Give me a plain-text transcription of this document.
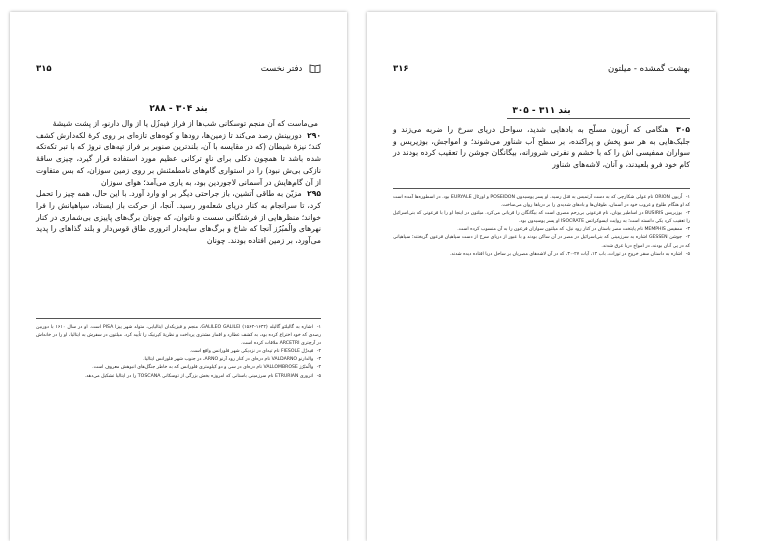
دفتر نخست
۳۱۵
بند ۳۰۴ - ۲۸۸

می‌ماست که آن منجم توسکانی شب‌ها از فراز فیه‌زُل یا از وال دارنو، از پشت شیشهٔ

۲۹۰ دوربینش رصد می‌کند تا زمین‌ها، رودها و کوه‌های تازه‌ای بر روی کرهٔ لکه‌دارش کشف کند؛ نیزهٔ شیطان (که در مقایسه با آن، بلندترین صنوبر بر فراز تپه‌های نروژ که با تبر تکه‌تکه شده باشد تا همچون دکلی برای ناوِ ترکانی عظیم مورد استفاده قرار گیرد، چیزی ساقهٔ نازکی بی‌ش نبود) را در استواری گام‌های نامطمئنش بر روی زمین سوزان، که بس متفاوت از آن گام‌هایش در آسمانی لاجوردین بود، به یاری می‌آمد؛ هوای سوزان

۲۹۵ مزیّن به طاقی آتشین، باز جراحتی دیگر بر او وارد آورد. با این حال، همه چیز را تحمل کرد، تا سرانجام به کنار دریای شعله‌ور رسید. آنجا، از حرکت باز ایستاد، سپاهیانش را فرا خواند؛ منظرهایی از فرشتگانی سست و ناتوان، که چونان برگ‌های پاییزی بی‌شماری در کنار نهرهای والُمبُرُز آنجا که شاخ و برگ‌های سایه‌دار اتروری طاق قوس‌دار و بلند گذاهای را پدید می‌آورد، بر زمین افتاده بودند. چونان

۱- اشاره به گالیلئو گالیله GALILEO GALILEI (۱۵۶۴-۱۶۴۲)، منجم و فیزیکدان ایتالیایی، متولد شهر پیزا PISA است. او در سال ۱۶۱۰ با دوربین رصدی که خود اختراع کرده بود، به کشف عطارد و اقمار مشتری پرداخت و نظریهٔ کپرنیک را تأیید کرد. میلتون در سفرش به ایتالیا، او را در خانه‌اش در آرچتری ARCETRI ملاقات کرده است.

۲- فیه‌زُل FIESOLE نام تپه‌ای در نزدیکی شهر فلورانس واقع است.

۳- والدارنو VALDARNO نام دره‌ای در کنار رود آرنو ARNO، در جنوب شهر فلورانس ایتالیا.

۴- والُمبُرُز VALLOMBROSE نام دره‌ای در سی و دو کیلومتری فلورانس که به خاطر جنگل‌های انبوهش معروف است.

۵- اتروری ETRURIAN نام سرزمینی باستانی که امروزه بخش بزرگی از توسکانی TOSCANA را در ایتالیا تشکیل می‌دهد.

بهشت گمشده - میلتون
۳۱۶
بند ۳۱۱ - ۳۰۵

۳۰۵ هنگامی که اُریون مسلّح به بادهایی شدید، سواحل دریای سرخ را ضربه می‌زند و جلبک‌هایی به هر سو پخش و پراکنده، بر سطح آب شناور می‌شوند؛ و امواجش، بوزیریس و سواران ممفیسی اش را که با خشم و نفرتی شرورانه، بیگانگان جوشن را تعقیب کرده بودند در کام خود فرو بلعیدند، و آنان، لاشه‌های شناور

۱- اُریون ORION نام غولی شکارچی که به دست آرتمیس به قتل رسید. او پسر پوسیدون POSEIDON و اورئال EURYALE بود. در اسطوره‌ها آمده است که او هنگام طلوع و غروب خود در آسمان، طوفان‌ها و بادهای شدیدی را بر دریاها روان می‌ساخت.

۲- بوزیریس BUSIRIS در اساطیر یونان، نام فرعونی بی‌رحم مصری است که بیگانگان را قربانی می‌کرد. میلتون در اینجا او را با فرعونی که بنی‌اسرائیل را تعقیب کرد یکی دانسته است؛ به روایت ایسوکراتس ISOCRATE او پسر پوسیدون بود.

۳- ممفیس MEMPHIS نام پایتخت مصر باستان در کنار رود نیل، که میلتون سواران فرعون را به آن منسوب کرده است.

۴- جوشن GESSEN اشاره به سرزمینی که بنی‌اسرائیل در مصر در آن ساکن بودند و با عبور از دریای سرخ از دست سپاهیان فرعون گریختند؛ سپاهیانی که در پی آنان بودند، در امواج دریا غرق شدند.

۵- اشاره به داستان سفر خروج در تورات، باب ۱۴، آیات ۲۷-۳۰، که در آن لاشه‌های مصریان بر ساحل دریا افتاده دیده شدند.
